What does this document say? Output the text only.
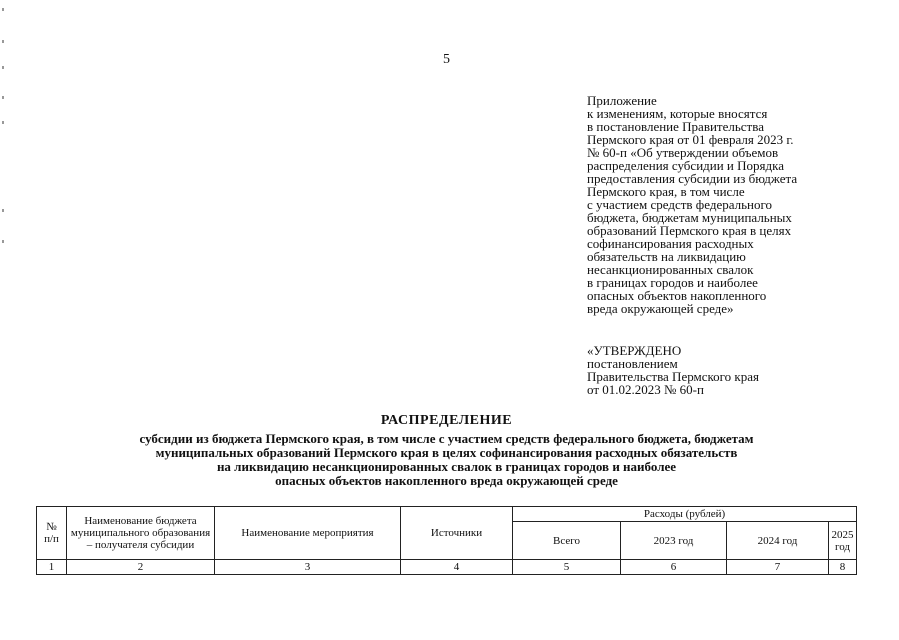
5
Приложение
к изменениям, которые вносятся
в постановление Правительства
Пермского края от 01 февраля 2023 г.
№ 60-п «Об утверждении объемов
распределения субсидии и Порядка
предоставления субсидии из бюджета
Пермского края, в том числе
с участием средств федерального
бюджета, бюджетам муниципальных
образований Пермского края в целях
софинансирования расходных
обязательств на ликвидацию
несанкционированных свалок
в границах городов и наиболее
опасных объектов накопленного
вреда окружающей среде»
«УТВЕРЖДЕНО
постановлением
Правительства Пермского края
от 01.02.2023 № 60-п
РАСПРЕДЕЛЕНИЕ
субсидии из бюджета Пермского края, в том числе с участием средств федерального бюджета, бюджетам
муниципальных образований Пермского края в целях софинансирования расходных обязательств
на ликвидацию несанкционированных свалок в границах городов и наиболее
опасных объектов накопленного вреда окружающей среде
№
п/п	Наименование бюджета муниципального образования – получателя субсидии	Наименование мероприятия	Источники	Расходы (рублей)			
				Всего	2023 год	2024 год	2025 год
1	2	3	4	5	6	7	8
